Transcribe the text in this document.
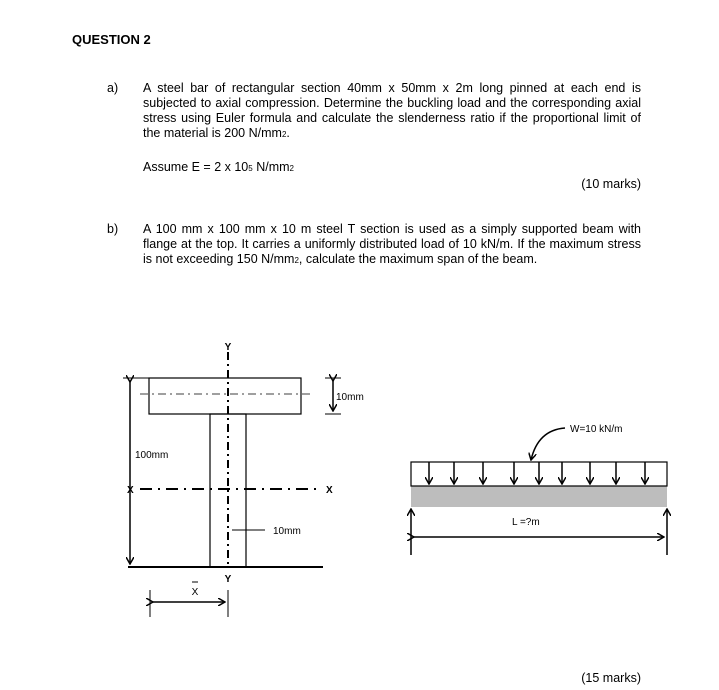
QUESTION 2
a) A steel bar of rectangular section 40mm x 50mm x 2m long pinned at each end is subjected to axial compression. Determine the buckling load and the corresponding axial stress using Euler formula and calculate the slenderness ratio if the proportional limit of the material is 200 N/mm2.
Assume E = 2 x 105 N/mm2
(10 marks)
b) A 100 mm x 100 mm x 10 m steel T section is used as a simply supported beam with flange at the top. It carries a uniformly distributed load of 10 kN/m. If the maximum stress is not exceeding 150 N/mm2, calculate the maximum span of the beam.
Y
Y
X	X
100mm
10mm
10mm
X
W=10 kN/m
L =?m
(15 marks)
